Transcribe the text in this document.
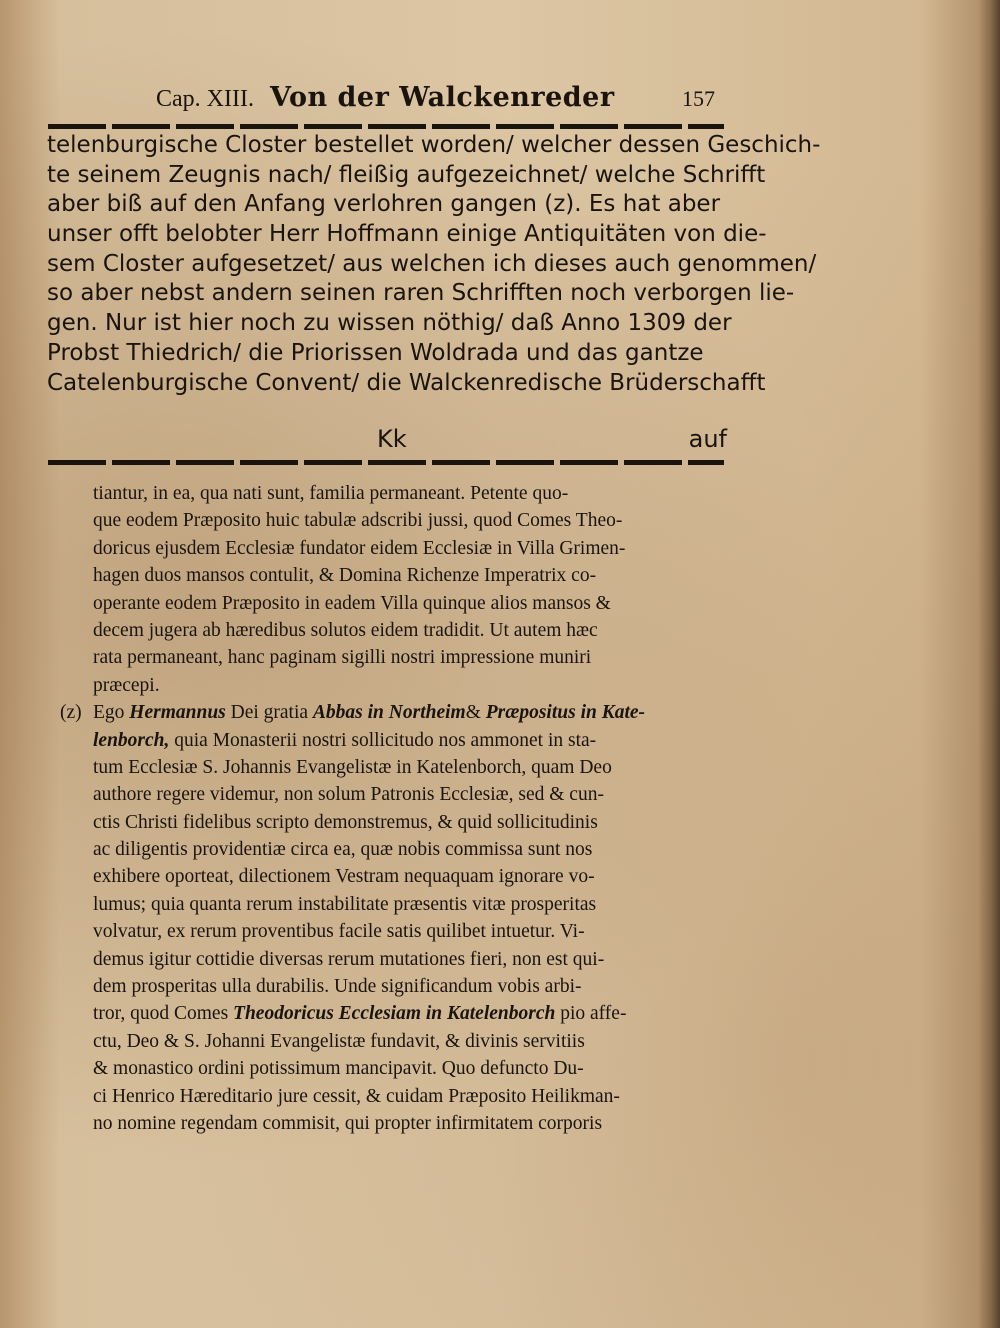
Cap. XIII. Von der Walckenreder	157
telenburgische Closter bestellet worden/ welcher dessen Geschich-
te seinem Zeugnis nach/ fleißig aufgezeichnet/ welche Schrifft
aber biß auf den Anfang verlohren gangen (z). Es hat aber
unser offt belobter Herr Hoffmann einige Antiquitäten von die-
sem Closter aufgesetzet/ aus welchen ich dieses auch genommen/
so aber nebst andern seinen raren Schrifften noch verborgen lie-
gen. Nur ist hier noch zu wissen nöthig/ daß Anno 1309 der
Probst Thiedrich/ die Priorissen Woldrada und das gantze
Catelenburgische Convent/ die Walckenredische Brüderschafft
Kk	auf
tiantur, in ea, qua nati sunt, familia permaneant. Petente quo-
que eodem Præposito huic tabulæ adscribi jussi, quod Comes Theo-
doricus ejusdem Ecclesiæ fundator eidem Ecclesiæ in Villa Grimen-
hagen duos mansos contulit, & Domina Richenze Imperatrix co-
operante eodem Præposito in eadem Villa quinque alios mansos &
decem jugera ab hæredibus solutos eidem tradidit. Ut autem hæc
rata permaneant, hanc paginam sigilli nostri impressione muniri
præcepi.
(z) Ego Hermannus Dei gratia Abbas in Northeim& Præpositus in Kate-
lenborch, quia Monasterii nostri sollicitudo nos ammonet in sta-
tum Ecclesiæ S. Johannis Evangelistæ in Katelenborch, quam Deo
authore regere videmur, non solum Patronis Ecclesiæ, sed & cun-
ctis Christi fidelibus scripto demonstremus, & quid sollicitudinis
ac diligentis providentiæ circa ea, quæ nobis commissa sunt nos
exhibere oporteat, dilectionem Vestram nequaquam ignorare vo-
lumus; quia quanta rerum instabilitate præsentis vitæ prosperitas
volvatur, ex rerum proventibus facile satis quilibet intuetur. Vi-
demus igitur cottidie diversas rerum mutationes fieri, non est qui-
dem prosperitas ulla durabilis. Unde significandum vobis arbi-
tror, quod Comes Theodoricus Ecclesiam in Katelenborch pio affe-
ctu, Deo & S. Johanni Evangelistæ fundavit, & divinis servitiis
& monastico ordini potissimum mancipavit. Quo defuncto Du-
ci Henrico Hæreditario jure cessit, & cuidam Præposito Heilikman-
no nomine regendam commisit, qui propter infirmitatem corporis
